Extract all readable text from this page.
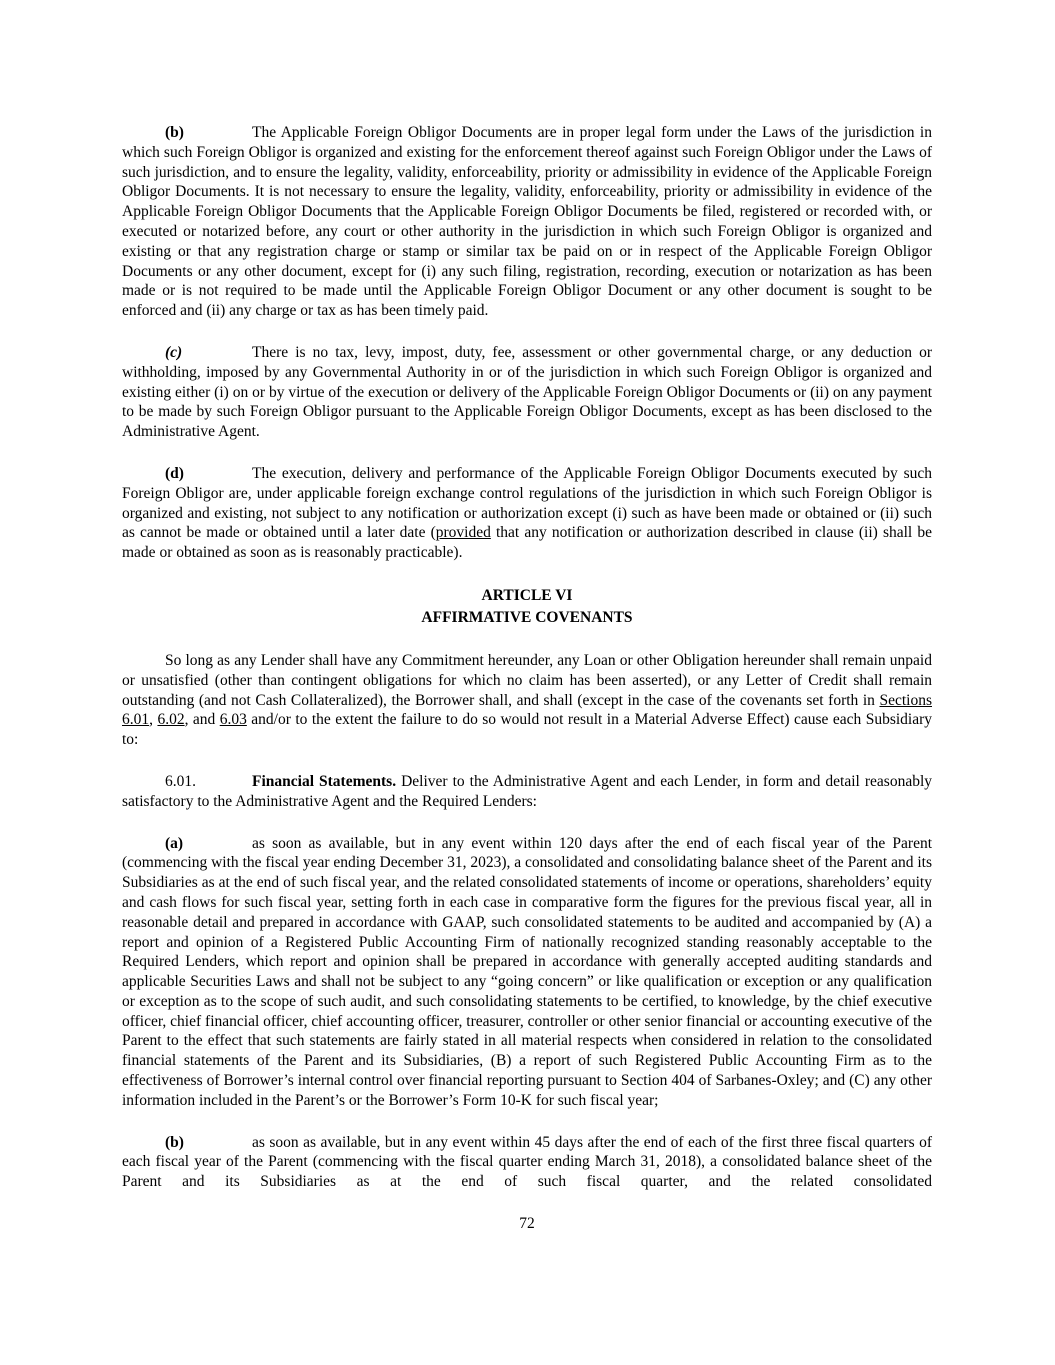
(b)	The Applicable Foreign Obligor Documents are in proper legal form under the Laws of the jurisdiction in which such Foreign Obligor is organized and existing for the enforcement thereof against such Foreign Obligor under the Laws of such jurisdiction, and to ensure the legality, validity, enforceability, priority or admissibility in evidence of the Applicable Foreign Obligor Documents. It is not necessary to ensure the legality, validity, enforceability, priority or admissibility in evidence of the Applicable Foreign Obligor Documents that the Applicable Foreign Obligor Documents be filed, registered or recorded with, or executed or notarized before, any court or other authority in the jurisdiction in which such Foreign Obligor is organized and existing or that any registration charge or stamp or similar tax be paid on or in respect of the Applicable Foreign Obligor Documents or any other document, except for (i) any such filing, registration, recording, execution or notarization as has been made or is not required to be made until the Applicable Foreign Obligor Document or any other document is sought to be enforced and (ii) any charge or tax as has been timely paid.

(c)	There is no tax, levy, impost, duty, fee, assessment or other governmental charge, or any deduction or withholding, imposed by any Governmental Authority in or of the jurisdiction in which such Foreign Obligor is organized and existing either (i) on or by virtue of the execution or delivery of the Applicable Foreign Obligor Documents or (ii) on any payment to be made by such Foreign Obligor pursuant to the Applicable Foreign Obligor Documents, except as has been disclosed to the Administrative Agent.

(d)	The execution, delivery and performance of the Applicable Foreign Obligor Documents executed by such Foreign Obligor are, under applicable foreign exchange control regulations of the jurisdiction in which such Foreign Obligor is organized and existing, not subject to any notification or authorization except (i) such as have been made or obtained or (ii) such as cannot be made or obtained until a later date (provided that any notification or authorization described in clause (ii) shall be made or obtained as soon as is reasonably practicable).

ARTICLE VI
AFFIRMATIVE COVENANTS

So long as any Lender shall have any Commitment hereunder, any Loan or other Obligation hereunder shall remain unpaid or unsatisfied (other than contingent obligations for which no claim has been asserted), or any Letter of Credit shall remain outstanding (and not Cash Collateralized), the Borrower shall, and shall (except in the case of the covenants set forth in Sections 6.01, 6.02, and 6.03 and/or to the extent the failure to do so would not result in a Material Adverse Effect) cause each Subsidiary to:

6.01.	Financial Statements. Deliver to the Administrative Agent and each Lender, in form and detail reasonably satisfactory to the Administrative Agent and the Required Lenders:

(a)	as soon as available, but in any event within 120 days after the end of each fiscal year of the Parent (commencing with the fiscal year ending December 31, 2023), a consolidated and consolidating balance sheet of the Parent and its Subsidiaries as at the end of such fiscal year, and the related consolidated statements of income or operations, shareholders’ equity and cash flows for such fiscal year, setting forth in each case in comparative form the figures for the previous fiscal year, all in reasonable detail and prepared in accordance with GAAP, such consolidated statements to be audited and accompanied by (A) a report and opinion of a Registered Public Accounting Firm of nationally recognized standing reasonably acceptable to the Required Lenders, which report and opinion shall be prepared in accordance with generally accepted auditing standards and applicable Securities Laws and shall not be subject to any “going concern” or like qualification or exception or any qualification or exception as to the scope of such audit, and such consolidating statements to be certified, to knowledge, by the chief executive officer, chief financial officer, chief accounting officer, treasurer, controller or other senior financial or accounting executive of the Parent to the effect that such statements are fairly stated in all material respects when considered in relation to the consolidated financial statements of the Parent and its Subsidiaries, (B) a report of such Registered Public Accounting Firm as to the effectiveness of Borrower’s internal control over financial reporting pursuant to Section 404 of Sarbanes-Oxley; and (C) any other information included in the Parent’s or the Borrower’s Form 10-K for such fiscal year;

(b)	as soon as available, but in any event within 45 days after the end of each of the first three fiscal quarters of each fiscal year of the Parent (commencing with the fiscal quarter ending March 31, 2018), a consolidated balance sheet of the Parent and its Subsidiaries as at the end of such fiscal quarter, and the related consolidated

72
